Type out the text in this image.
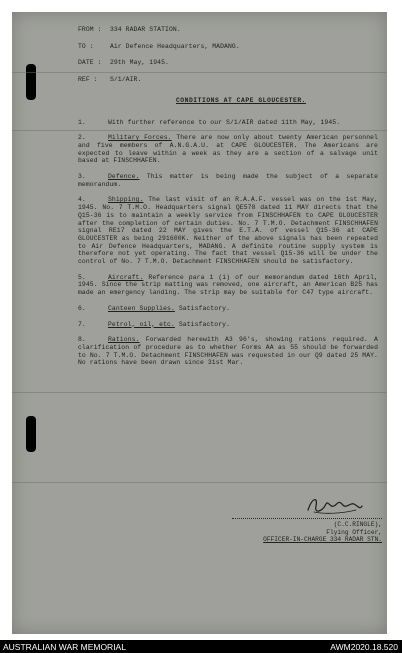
FROM : 334 RADAR STATION.
TO :	Air Defence Headquarters, MADANG.
DATE : 29th May, 1945.
REF : S/1/AIR.
CONDITIONS AT CAPE GLOUCESTER.
1.	With further reference to our S/1/AIR dated 11th May, 1945.
2.	Military Forces. There are now only about twenty American personnel and five members of A.N.G.A.U. at CAPE GLOUCESTER. The Americans are expected to leave within a week as they are a section of a salvage unit based at FINSCHHAFEN.
3.	Defence. This matter is being made the subject of a separate memorandum.
4.	Shipping. The last visit of an R.A.A.F. vessel was on the 1st May, 1945. No. 7 T.M.O. Headquarters signal QE578 dated 11 MAY directs that the Q15-36 is to maintain a weekly service from FINSCHHAFEN to CAPE GLOUCESTER after the completion of certain duties. No. 7 T.M.O. Detachment FINSCHHAFEN signal RE17 dated 22 MAY gives the E.T.A. of vessel Q15-36 at CAPE GLOUCESTER as being 291600K. Neither of the above signals has been repeated to Air Defence Headquarters, MADANG. A definite routine supply system is therefore not yet operating. The fact that vessel Q15-36 will be under the control of No. 7 T.M.O. Detachment FINSCHHAFEN should be satisfactory.
5.	Aircraft. Reference para 1 (i) of our memorandum dated 16th April, 1945. Since the strip matting was removed, one aircraft, an American B25 has made an emergency landing. The strip may be suitable for C47 type aircraft.
6.	Canteen Supplies. Satisfactory.
7.	Petrol, oil, etc. Satisfactory.
8.	Rations. Forwarded herewith A3 96's, showing rations required. A clarification of procedure as to whether Forms AA as 55 should be forwarded to No. 7 T.M.O. Detachment FINSCHHAFEN was requested in our Q9 dated 25 MAY. No rations have been drawn since 31st Mar.
(C.C.RINGLE),
Flying Officer,
OFFICER-IN-CHARGE 334 RADAR STN.
AUSTRALIAN WAR MEMORIAL	AWM2020.18.520
